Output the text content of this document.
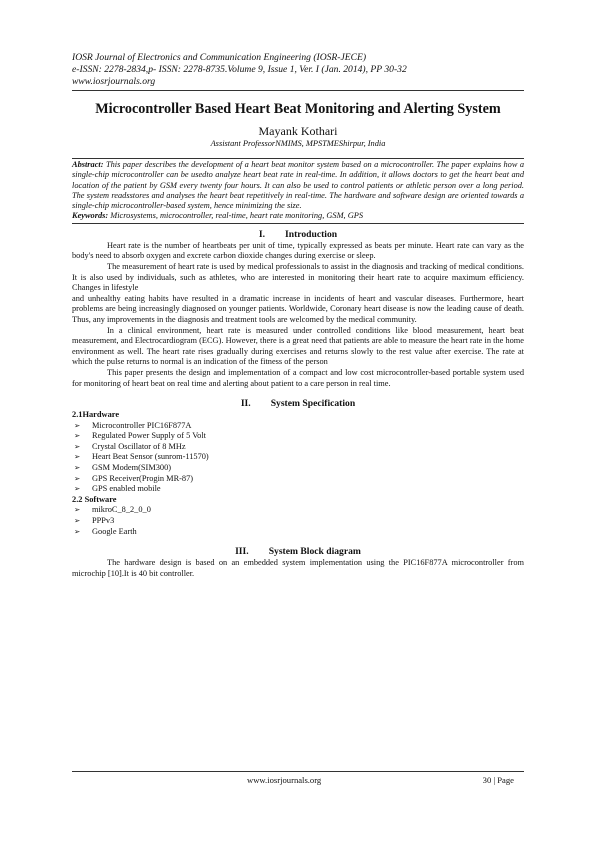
IOSR Journal of Electronics and Communication Engineering (IOSR-JECE)
e-ISSN: 2278-2834,p- ISSN: 2278-8735.Volume 9, Issue 1, Ver. I (Jan. 2014), PP 30-32
www.iosrjournals.org
Microcontroller Based Heart Beat Monitoring and Alerting System
Mayank Kothari
Assistant ProfessorNMIMS, MPSTMEShirpur, India
Abstract: This paper describes the development of a heart beat monitor system based on a microcontroller. The paper explains how a single-chip microcontroller can be usedto analyze heart beat rate in real-time. In addition, it allows doctors to get the heart beat and location of the patient by GSM every twenty four hours. It can also be used to control patients or athletic person over a long period. The system readsstores and analyses the heart beat repetitively in real-time. The hardware and software design are oriented towards a single-chip microcontroller-based system, hence minimizing the size.
Keywords: Microsystems, microcontroller, real-time, heart rate monitoring, GSM, GPS
I. Introduction
Heart rate is the number of heartbeats per unit of time, typically expressed as beats per minute. Heart rate can vary as the body's need to absorb oxygen and excrete carbon dioxide changes during exercise or sleep.
The measurement of heart rate is used by medical professionals to assist in the diagnosis and tracking of medical conditions. It is also used by individuals, such as athletes, who are interested in monitoring their heart rate to acquire maximum efficiency. Changes in lifestyle
and unhealthy eating habits have resulted in a dramatic increase in incidents of heart and vascular diseases. Furthermore, heart problems are being increasingly diagnosed on younger patients. Worldwide, Coronary heart disease is now the leading cause of death. Thus, any improvements in the diagnosis and treatment tools are welcomed by the medical community.
In a clinical environment, heart rate is measured under controlled conditions like blood measurement, heart beat measurement, and Electrocardiogram (ECG). However, there is a great need that patients are able to measure the heart rate in the home environment as well. The heart rate rises gradually during exercises and returns slowly to the rest value after exercise. The rate at which the pulse returns to normal is an indication of the fitness of the person
This paper presents the design and implementation of a compact and low cost microcontroller-based portable system used for monitoring of heart beat on real time and alerting about patient to a care person in real time.
II. System Specification
2.1Hardware
➢ Microcontroller PIC16F877A
➢ Regulated Power Supply of 5 Volt
➢ Crystal Oscillator of 8 MHz
➢ Heart Beat Sensor (sunrom-11570)
➢ GSM Modem(SIM300)
➢ GPS Receiver(Progin MR-87)
➢ GPS enabled mobile
2.2 Software
➢ mikroC_8_2_0_0
➢ PPPv3
➢ Google Earth
III. System Block diagram
The hardware design is based on an embedded system implementation using the PIC16F877A microcontroller from microchip [10].It is 40 bit controller.
www.iosrjournals.org	30 | Page
